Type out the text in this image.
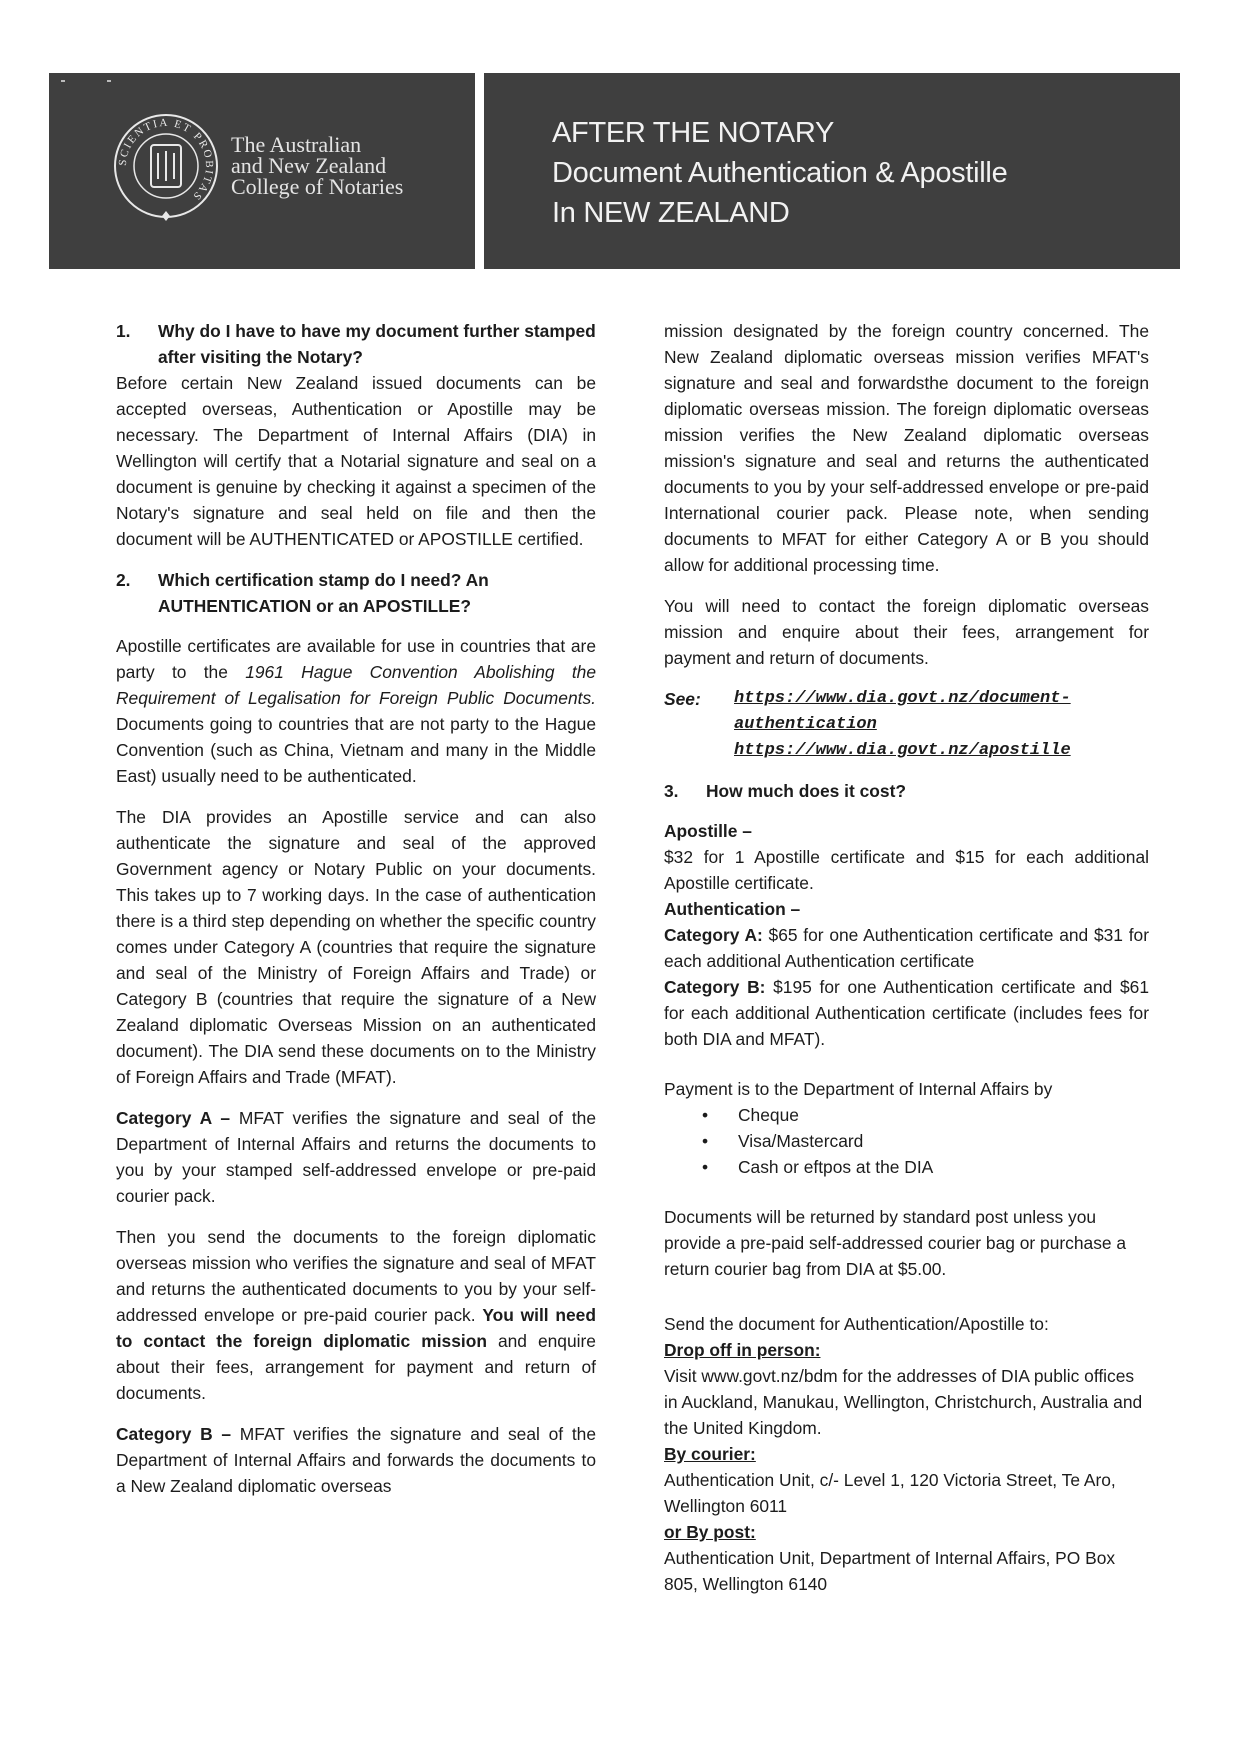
SCIENTIA ET PROBITAS
The Australian
and New Zealand
College of Notaries
AFTER THE NOTARY
Document Authentication & Apostille
In NEW ZEALAND
1.	Why do I have to have my document further stamped after visiting the Notary?

Before certain New Zealand issued documents can be accepted overseas, Authentication or Apostille may be necessary. The Department of Internal Affairs (DIA) in Wellington will certify that a Notarial signature and seal on a document is genuine by checking it against a specimen of the Notary's signature and seal held on file and then the document will be AUTHENTICATED or APOSTILLE certified.

2.	Which certification stamp do I need? An AUTHENTICATION or an APOSTILLE?

Apostille certificates are available for use in countries that are party to the 1961 Hague Convention Abolishing the Requirement of Legalisation for Foreign Public Documents. Documents going to countries that are not party to the Hague Convention (such as China, Vietnam and many in the Middle East) usually need to be authenticated.

The DIA provides an Apostille service and can also authenticate the signature and seal of the approved Government agency or Notary Public on your documents. This takes up to 7 working days. In the case of authentication there is a third step depending on whether the specific country comes under Category A (countries that require the signature and seal of the Ministry of Foreign Affairs and Trade) or Category B (countries that require the signature of a New Zealand diplomatic Overseas Mission on an authenticated document). The DIA send these documents on to the Ministry of Foreign Affairs and Trade (MFAT).

Category A – MFAT verifies the signature and seal of the Department of Internal Affairs and returns the documents to you by your stamped self-addressed envelope or pre-paid courier pack.

Then you send the documents to the foreign diplomatic overseas mission who verifies the signature and seal of MFAT and returns the authenticated documents to you by your self-addressed envelope or pre-paid courier pack. You will need to contact the foreign diplomatic mission and enquire about their fees, arrangement for payment and return of documents.

Category B – MFAT verifies the signature and seal of the Department of Internal Affairs and forwards the documents to a New Zealand diplomatic overseas

mission designated by the foreign country concerned. The New Zealand diplomatic overseas mission verifies MFAT's signature and seal and forwardsthe document to the foreign diplomatic overseas mission. The foreign diplomatic overseas mission verifies the New Zealand diplomatic overseas mission's signature and seal and returns the authenticated documents to you by your self-addressed envelope or pre-paid International courier pack. Please note, when sending documents to MFAT for either Category A or B you should allow for additional processing time.

You will need to contact the foreign diplomatic overseas mission and enquire about their fees, arrangement for payment and return of documents.

See:	https://www.dia.govt.nz/document-authentication
https://www.dia.govt.nz/apostille
3.	How much does it cost?
Apostille –
$32 for 1 Apostille certificate and $15 for each additional Apostille certificate.
Authentication –
Category A: $65 for one Authentication certificate and $31 for each additional Authentication certificate
Category B: $195 for one Authentication certificate and $61 for each additional Authentication certificate (includes fees for both DIA and MFAT).
Payment is to the Department of Internal Affairs by
•	Cheque
•	Visa/Mastercard
•	Cash or eftpos at the DIA

Documents will be returned by standard post unless you provide a pre-paid self-addressed courier bag or purchase a return courier bag from DIA at $5.00.

Send the document for Authentication/Apostille to:
Drop off in person:
Visit www.govt.nz/bdm for the addresses of DIA public offices in Auckland, Manukau, Wellington, Christchurch, Australia and the United Kingdom.
By courier:
Authentication Unit, c/- Level 1, 120 Victoria Street, Te Aro, Wellington 6011
or By post:
Authentication Unit, Department of Internal Affairs, PO Box 805, Wellington 6140
